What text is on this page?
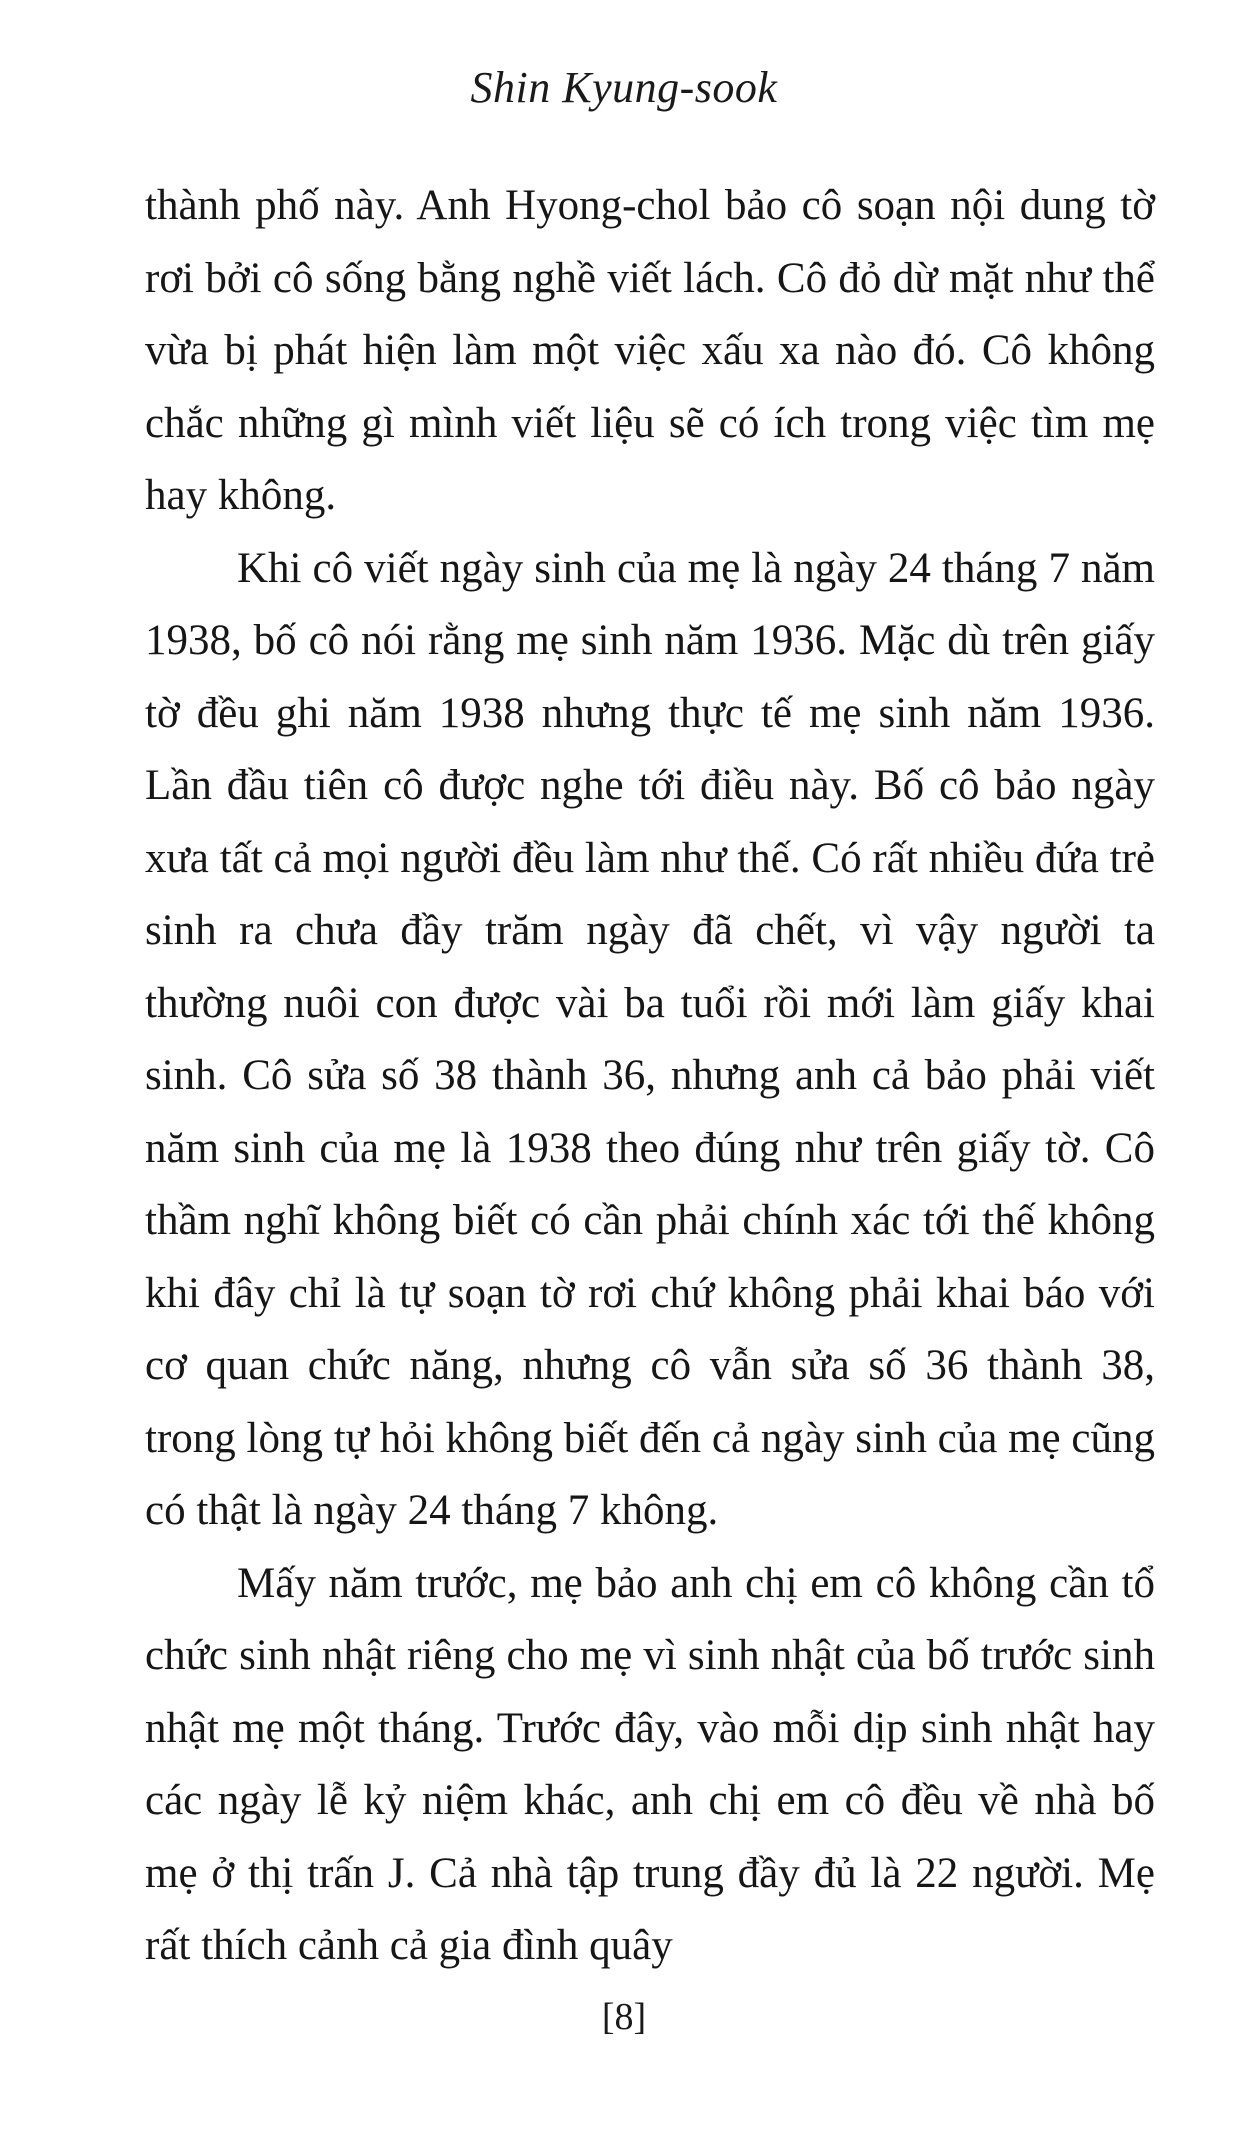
Shin Kyung-sook

thành phố này. Anh Hyong-chol bảo cô soạn nội dung tờ rơi bởi cô sống bằng nghề viết lách. Cô đỏ dừ mặt như thể vừa bị phát hiện làm một việc xấu xa nào đó. Cô không chắc những gì mình viết liệu sẽ có ích trong việc tìm mẹ hay không.

Khi cô viết ngày sinh của mẹ là ngày 24 tháng 7 năm 1938, bố cô nói rằng mẹ sinh năm 1936. Mặc dù trên giấy tờ đều ghi năm 1938 nhưng thực tế mẹ sinh năm 1936. Lần đầu tiên cô được nghe tới điều này. Bố cô bảo ngày xưa tất cả mọi người đều làm như thế. Có rất nhiều đứa trẻ sinh ra chưa đầy trăm ngày đã chết, vì vậy người ta thường nuôi con được vài ba tuổi rồi mới làm giấy khai sinh. Cô sửa số 38 thành 36, nhưng anh cả bảo phải viết năm sinh của mẹ là 1938 theo đúng như trên giấy tờ. Cô thầm nghĩ không biết có cần phải chính xác tới thế không khi đây chỉ là tự soạn tờ rơi chứ không phải khai báo với cơ quan chức năng, nhưng cô vẫn sửa số 36 thành 38, trong lòng tự hỏi không biết đến cả ngày sinh của mẹ cũng có thật là ngày 24 tháng 7 không.

Mấy năm trước, mẹ bảo anh chị em cô không cần tổ chức sinh nhật riêng cho mẹ vì sinh nhật của bố trước sinh nhật mẹ một tháng. Trước đây, vào mỗi dịp sinh nhật hay các ngày lễ kỷ niệm khác, anh chị em cô đều về nhà bố mẹ ở thị trấn J. Cả nhà tập trung đầy đủ là 22 người. Mẹ rất thích cảnh cả gia đình quây

[8]
